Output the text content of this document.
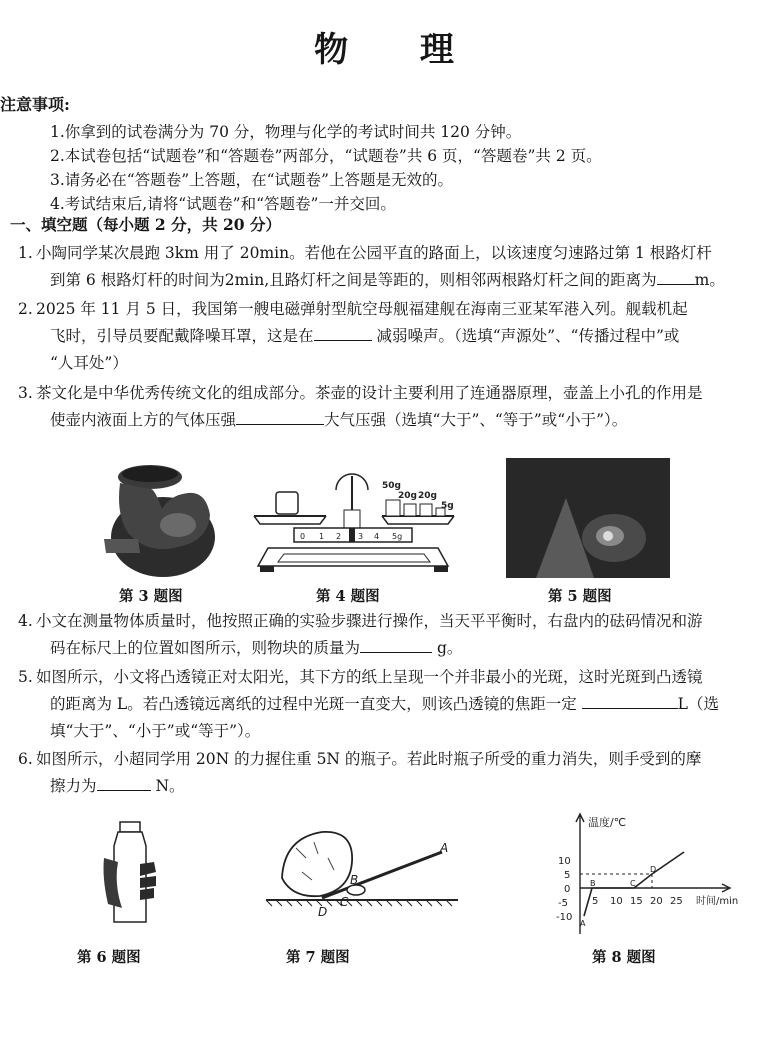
物 理
注意事项:
1.你拿到的试卷满分为 70 分，物理与化学的考试时间共 120 分钟。
2.本试卷包括“试题卷”和“答题卷”两部分，“试题卷”共 6 页，“答题卷”共 2 页。
3.请务必在“答题卷”上答题，在“试题卷”上答题是无效的。
4.考试结束后,请将“试题卷”和“答题卷”一并交回。
一、填空题（每小题 2 分，共 20 分）
1. 小陶同学某次晨跑 3km 用了 20min。若他在公园平直的路面上，以该速度匀速路过第 1 根路灯杆
到第 6 根路灯杆的时间为2min,且路灯杆之间是等距的，则相邻两根路灯杆之间的距离为 m。
2. 2025 年 11 月 5 日，我国第一艘电磁弹射型航空母舰福建舰在海南三亚某军港入列。舰载机起
飞时，引导员要配戴降噪耳罩，这是在	减弱噪声。（选填“声源处”、“传播过程中”或
“人耳处”）
3. 茶文化是中华优秀传统文化的组成部分。茶壶的设计主要利用了连通器原理，壶盖上小孔的作用是
使壶内液面上方的气体压强	大气压强（选填“大于”、“等于”或“小于”）。
第 3 题图
50g
20g 20g
5g
0 1 2 3 4 5g
第 4 题图	第 5 题图
4. 小文在测量物体质量时，他按照正确的实验步骤进行操作，当天平平衡时，右盘内的砝码情况和游
码在标尺上的位置如图所示，则物块的质量为	g。
5. 如图所示，小文将凸透镜正对太阳光，其下方的纸上呈现一个并非最小的光斑，这时光斑到凸透镜
的距离为 L。若凸透镜远离纸的过程中光斑一直变大，则该凸透镜的焦距一定	L（选
填“大于”、“小于”或“等于”）。
6. 如图所示，小超同学用 20N 的力握住重 5N 的瓶子。若此时瓶子所受的重力消失，则手受到的摩
擦力为	N。
第 6 题图
A
B
C
D
第 7 题图
温度/℃
时间/min
10
5
0
-5
-10
5 10 15 20 25
A
B	C
D
第 8 题图
